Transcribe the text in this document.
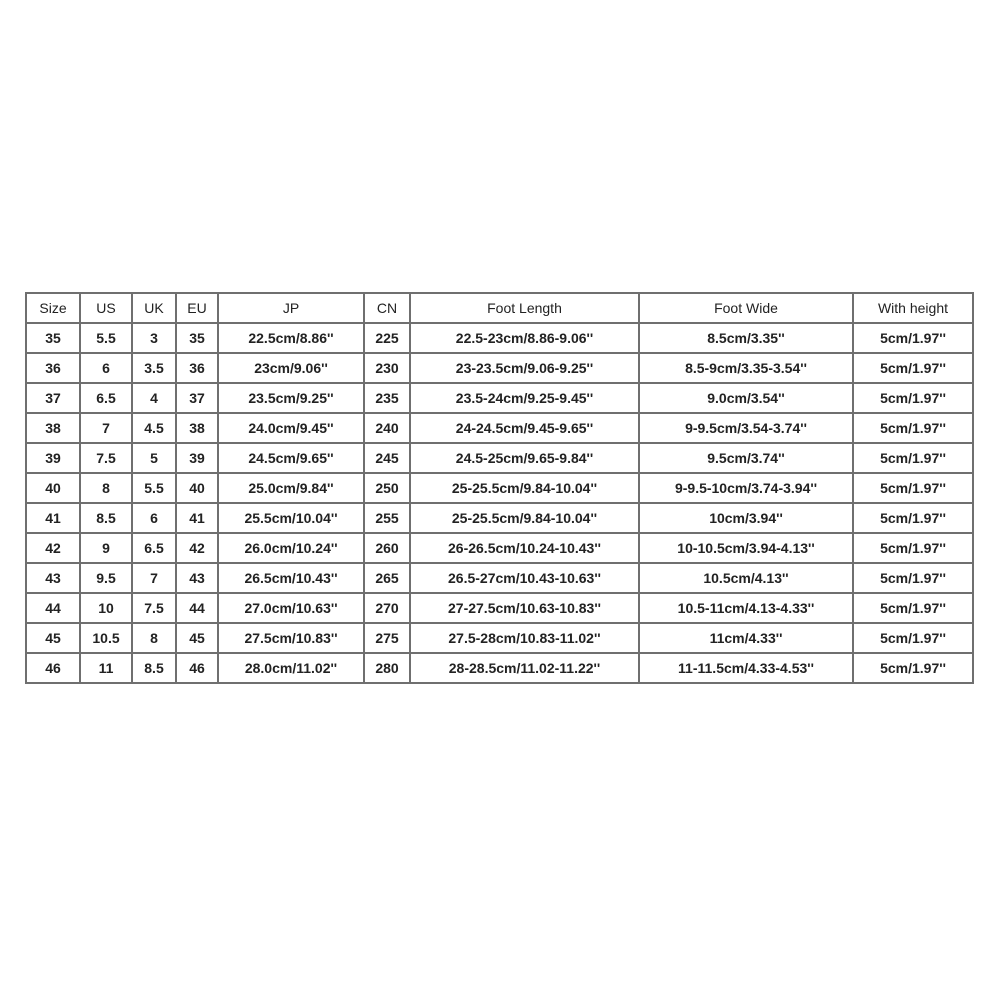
Size	US	UK	EU	JP	CN	Foot Length	Foot Wide	With height
35	5.5	3	35	22.5cm/8.86''	225	22.5-23cm/8.86-9.06''	8.5cm/3.35''	5cm/1.97''
36	6	3.5	36	23cm/9.06''	230	23-23.5cm/9.06-9.25''	8.5-9cm/3.35-3.54''	5cm/1.97''
37	6.5	4	37	23.5cm/9.25''	235	23.5-24cm/9.25-9.45''	9.0cm/3.54''	5cm/1.97''
38	7	4.5	38	24.0cm/9.45''	240	24-24.5cm/9.45-9.65''	9-9.5cm/3.54-3.74''	5cm/1.97''
39	7.5	5	39	24.5cm/9.65''	245	24.5-25cm/9.65-9.84''	9.5cm/3.74''	5cm/1.97''
40	8	5.5	40	25.0cm/9.84''	250	25-25.5cm/9.84-10.04''	9-9.5-10cm/3.74-3.94''	5cm/1.97''
41	8.5	6	41	25.5cm/10.04''	255	25-25.5cm/9.84-10.04''	10cm/3.94''	5cm/1.97''
42	9	6.5	42	26.0cm/10.24''	260	26-26.5cm/10.24-10.43''	10-10.5cm/3.94-4.13''	5cm/1.97''
43	9.5	7	43	26.5cm/10.43''	265	26.5-27cm/10.43-10.63''	10.5cm/4.13''	5cm/1.97''
44	10	7.5	44	27.0cm/10.63''	270	27-27.5cm/10.63-10.83''	10.5-11cm/4.13-4.33''	5cm/1.97''
45	10.5	8	45	27.5cm/10.83''	275	27.5-28cm/10.83-11.02''	11cm/4.33''	5cm/1.97''
46	11	8.5	46	28.0cm/11.02''	280	28-28.5cm/11.02-11.22''	11-11.5cm/4.33-4.53''	5cm/1.97''
